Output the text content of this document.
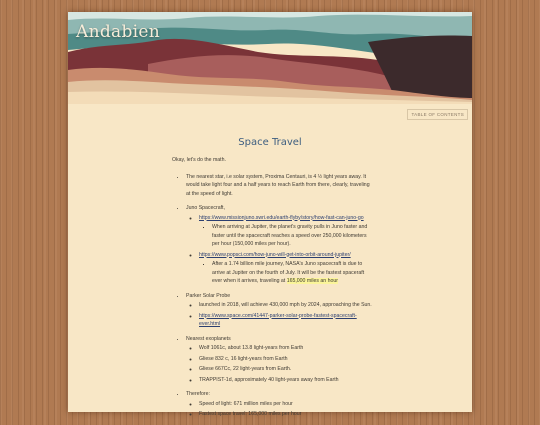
Andabien
TABLE OF CONTENTS
Space Travel

Okay, let's do the math.

• The nearest star, i.e solar system, Proxima Centauri, is 4 ½ light years away. It would take light four and a half years to reach Earth from there, clearly, traveling at the speed of light.
• Juno Spacecraft,
◦ https://www.missionjuno.swri.edu/earth-flyby/story/how-fast-can-juno-go
▪ When arriving at Jupiter, the planet's gravity pulls in Juno faster and faster until the spacecraft reaches a speed over 250,000 kilometers per hour (150,000 miles per hour).
◦ https://www.popsci.com/how-juno-will-get-into-orbit-around-jupiter/
▪ After a 1.74 billion mile journey, NASA's Juno spacecraft is due to arrive at Jupiter on the fourth of July. It will be the fastest spaceraft ever when it arrives, traveling at 165,000 miles an hour
• Parker Solar Probe
◦ launched in 2018, will achieve 430,000 mph by 2024, approaching the Sun.
◦ https://www.space.com/41447-parker-solar-probe-fastest-spacecraft-ever.html
• Nearest exoplanets
◦ Wolf 1061c, about 13.8 light-years from Earth
◦ Gliese 832 c, 16 light-years from Earth
◦ Gliese 667Cc, 22 light-years from Earth.
◦ TRAPPIST-1d, approximately 40 light-years away from Earth
• Therefore:
◦ Speed of light: 671 million miles per hour
◦ Fastest space travel: 165,000 miles per hour
